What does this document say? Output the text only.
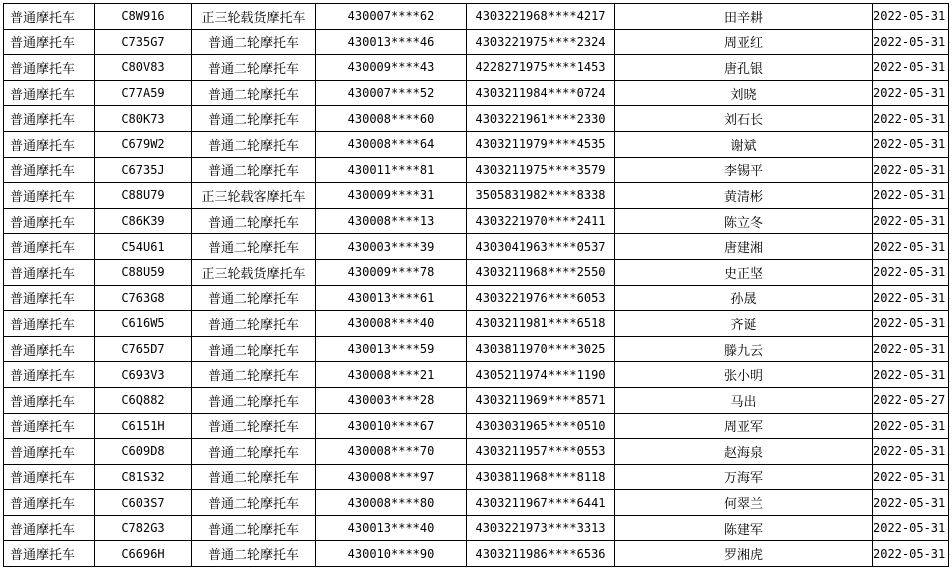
普通摩托车	C8W916	正三轮载货摩托车	430007****62	4303221968****4217	田辛耕	2022-05-31
普通摩托车	C735G7	普通二轮摩托车	430013****46	4303221975****2324	周亚红	2022-05-31
普通摩托车	C80V83	普通二轮摩托车	430009****43	4228271975****1453	唐孔银	2022-05-31
普通摩托车	C77A59	普通二轮摩托车	430007****52	4303211984****0724	刘晓	2022-05-31
普通摩托车	C80K73	普通二轮摩托车	430008****60	4303221961****2330	刘石长	2022-05-31
普通摩托车	C679W2	普通二轮摩托车	430008****64	4303211979****4535	谢斌	2022-05-31
普通摩托车	C6735J	普通二轮摩托车	430011****81	4303211975****3579	李锡平	2022-05-31
普通摩托车	C88U79	正三轮载客摩托车	430009****31	3505831982****8338	黄清彬	2022-05-31
普通摩托车	C86K39	普通二轮摩托车	430008****13	4303221970****2411	陈立冬	2022-05-31
普通摩托车	C54U61	普通二轮摩托车	430003****39	4303041963****0537	唐建湘	2022-05-31
普通摩托车	C88U59	正三轮载货摩托车	430009****78	4303211968****2550	史正坚	2022-05-31
普通摩托车	C763G8	普通二轮摩托车	430013****61	4303221976****6053	孙晟	2022-05-31
普通摩托车	C616W5	普通二轮摩托车	430008****40	4303211981****6518	齐诞	2022-05-31
普通摩托车	C765D7	普通二轮摩托车	430013****59	4303811970****3025	滕九云	2022-05-31
普通摩托车	C693V3	普通二轮摩托车	430008****21	4305211974****1190	张小明	2022-05-31
普通摩托车	C6Q882	普通二轮摩托车	430003****28	4303211969****8571	马出	2022-05-27
普通摩托车	C6151H	普通二轮摩托车	430010****67	4303031965****0510	周亚军	2022-05-31
普通摩托车	C609D8	普通二轮摩托车	430008****70	4303211957****0553	赵海泉	2022-05-31
普通摩托车	C81S32	普通二轮摩托车	430008****97	4303811968****8118	万海军	2022-05-31
普通摩托车	C603S7	普通二轮摩托车	430008****80	4303211967****6441	何翠兰	2022-05-31
普通摩托车	C782G3	普通二轮摩托车	430013****40	4303221973****3313	陈建军	2022-05-31
普通摩托车	C6696H	普通二轮摩托车	430010****90	4303211986****6536	罗湘虎	2022-05-31
